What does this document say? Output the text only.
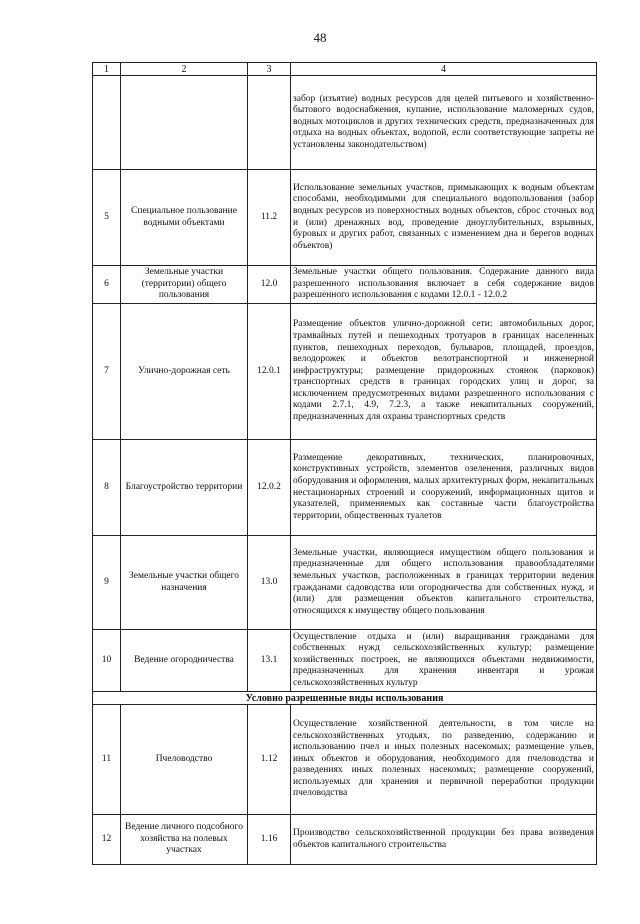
48
1	2	3	4
			забор (изъятие) водных ресурсов для целей питьевого и хозяйственно-бытового водоснабжения, купание, использование маломерных судов, водных мотоциклов и других технических средств, предназначенных для отдыха на водных объектах, водопой, если соответствующие запреты не установлены законодательством)
5	Специальное пользование водными объектами	11.2	Использование земельных участков, примыкающих к водным объектам способами, необходимыми для специального водопользования (забор водных ресурсов из поверхностных водных объектов, сброс сточных вод и (или) дренажных вод, проведение дноуглубительных, взрывных, буровых и других работ, связанных с изменением дна и берегов водных объектов)
6	Земельные участки (территории) общего пользования	12.0	Земельные участки общего пользования. Содержание данного вида разрешенного использования включает в себя содержание видов разрешенного использования с кодами 12.0.1 - 12.0.2
7	Улично-дорожная сеть	12.0.1	Размещение объектов улично-дорожной сети: автомобильных дорог, трамвайных путей и пешеходных тротуаров в границах населенных пунктов, пешеходных переходов, бульваров, площадей, проездов, велодорожек и объектов велотранспортной и инженерной инфраструктуры; размещение придорожных стоянок (парковок) транспортных средств в границах городских улиц и дорог, за исключением предусмотренных видами разрешенного использования с кодами 2.7.1, 4.9, 7.2.3, а также некапитальных сооружений, предназначенных для охраны транспортных средств
8	Благоустройство территории	12.0.2	Размещение декоративных, технических, планировочных, конструктивных устройств, элементов озеленения, различных видов оборудования и оформления, малых архитектурных форм, некапитальных нестационарных строений и сооружений, информационных щитов и указателей, применяемых как составные части благоустройства территории, общественных туалетов
9	Земельные участки общего назначения	13.0	Земельные участки, являющиеся имуществом общего пользования и предназначенные для общего использования правообладателями земельных участков, расположенных в границах территории ведения гражданами садоводства или огородничества для собственных нужд, и (или) для размещения объектов капитального строительства, относящихся к имуществу общего пользования
10	Ведение огородничества	13.1	Осуществление отдыха и (или) выращивания гражданами для собственных нужд сельскохозяйственных культур; размещение хозяйственных построек, не являющихся объектами недвижимости, предназначенных для хранения инвентаря и урожая сельскохозяйственных культур
Условно разрешенные виды использования			
11	Пчеловодство	1.12	Осуществление хозяйственной деятельности, в том числе на сельскохозяйственных угодьях, по разведению, содержанию и использованию пчел и иных полезных насекомых; размещение ульев, иных объектов и оборудования, необходимого для пчеловодства и разведениях иных полезных насекомых; размещение сооружений, используемых для хранения и первичной переработки продукции пчеловодства
12	Ведение личного подсобного хозяйства на полевых участках	1.16	Производство сельскохозяйственной продукции без права возведения объектов капитального строительства
